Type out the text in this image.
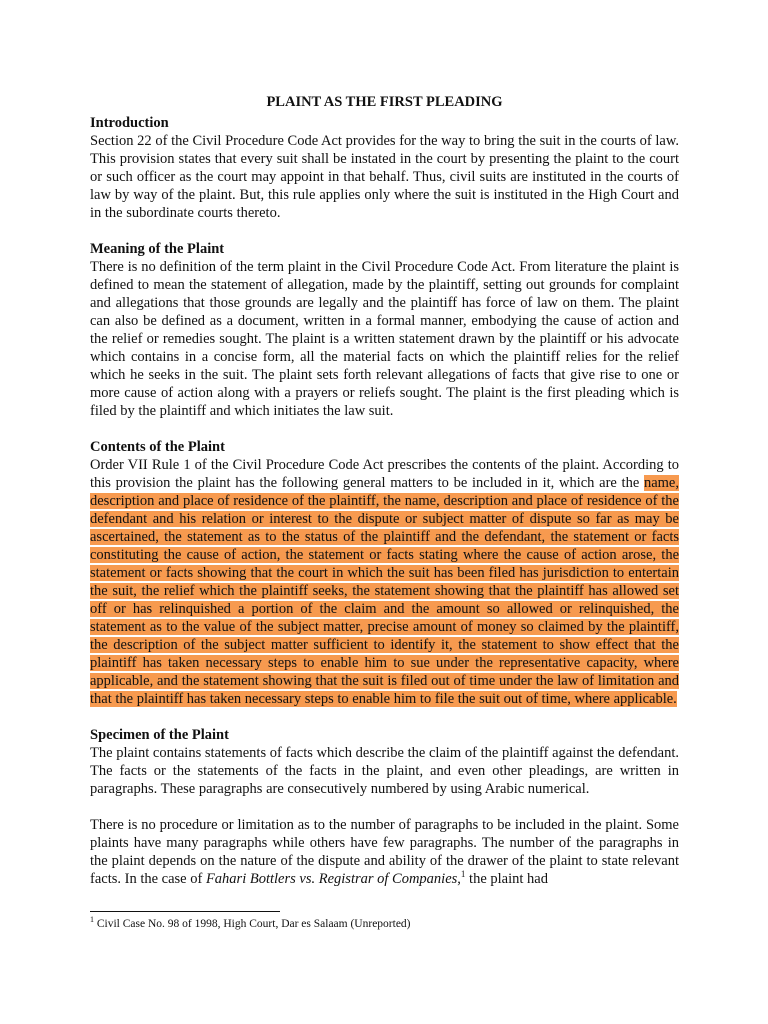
PLAINT AS THE FIRST PLEADING

Introduction

Section 22 of the Civil Procedure Code Act provides for the way to bring the suit in the courts of law. This provision states that every suit shall be instated in the court by presenting the plaint to the court or such officer as the court may appoint in that behalf. Thus, civil suits are instituted in the courts of law by way of the plaint. But, this rule applies only where the suit is instituted in the High Court and in the subordinate courts thereto.

Meaning of the Plaint

There is no definition of the term plaint in the Civil Procedure Code Act. From literature the plaint is defined to mean the statement of allegation, made by the plaintiff, setting out grounds for complaint and allegations that those grounds are legally and the plaintiff has force of law on them. The plaint can also be defined as a document, written in a formal manner, embodying the cause of action and the relief or remedies sought. The plaint is a written statement drawn by the plaintiff or his advocate which contains in a concise form, all the material facts on which the plaintiff relies for the relief which he seeks in the suit. The plaint sets forth relevant allegations of facts that give rise to one or more cause of action along with a prayers or reliefs sought. The plaint is the first pleading which is filed by the plaintiff and which initiates the law suit.

Contents of the Plaint

Order VII Rule 1 of the Civil Procedure Code Act prescribes the contents of the plaint. According to this provision the plaint has the following general matters to be included in it, which are the name, description and place of residence of the plaintiff, the name, description and place of residence of the defendant and his relation or interest to the dispute or subject matter of dispute so far as may be ascertained, the statement as to the status of the plaintiff and the defendant, the statement or facts constituting the cause of action, the statement or facts stating where the cause of action arose, the statement or facts showing that the court in which the suit has been filed has jurisdiction to entertain the suit, the relief which the plaintiff seeks, the statement showing that the plaintiff has allowed set off or has relinquished a portion of the claim and the amount so allowed or relinquished, the statement as to the value of the subject matter, precise amount of money so claimed by the plaintiff, the description of the subject matter sufficient to identify it, the statement to show effect that the plaintiff has taken necessary steps to enable him to sue under the representative capacity, where applicable, and the statement showing that the suit is filed out of time under the law of limitation and that the plaintiff has taken necessary steps to enable him to file the suit out of time, where applicable.

Specimen of the Plaint

The plaint contains statements of facts which describe the claim of the plaintiff against the defendant. The facts or the statements of the facts in the plaint, and even other pleadings, are written in paragraphs. These paragraphs are consecutively numbered by using Arabic numerical.

There is no procedure or limitation as to the number of paragraphs to be included in the plaint. Some plaints have many paragraphs while others have few paragraphs. The number of the paragraphs in the plaint depends on the nature of the dispute and ability of the drawer of the plaint to state relevant facts. In the case of Fahari Bottlers vs. Registrar of Companies,$^1$ the plaint had

$^1$ Civil Case No. 98 of 1998, High Court, Dar es Salaam (Unreported)
